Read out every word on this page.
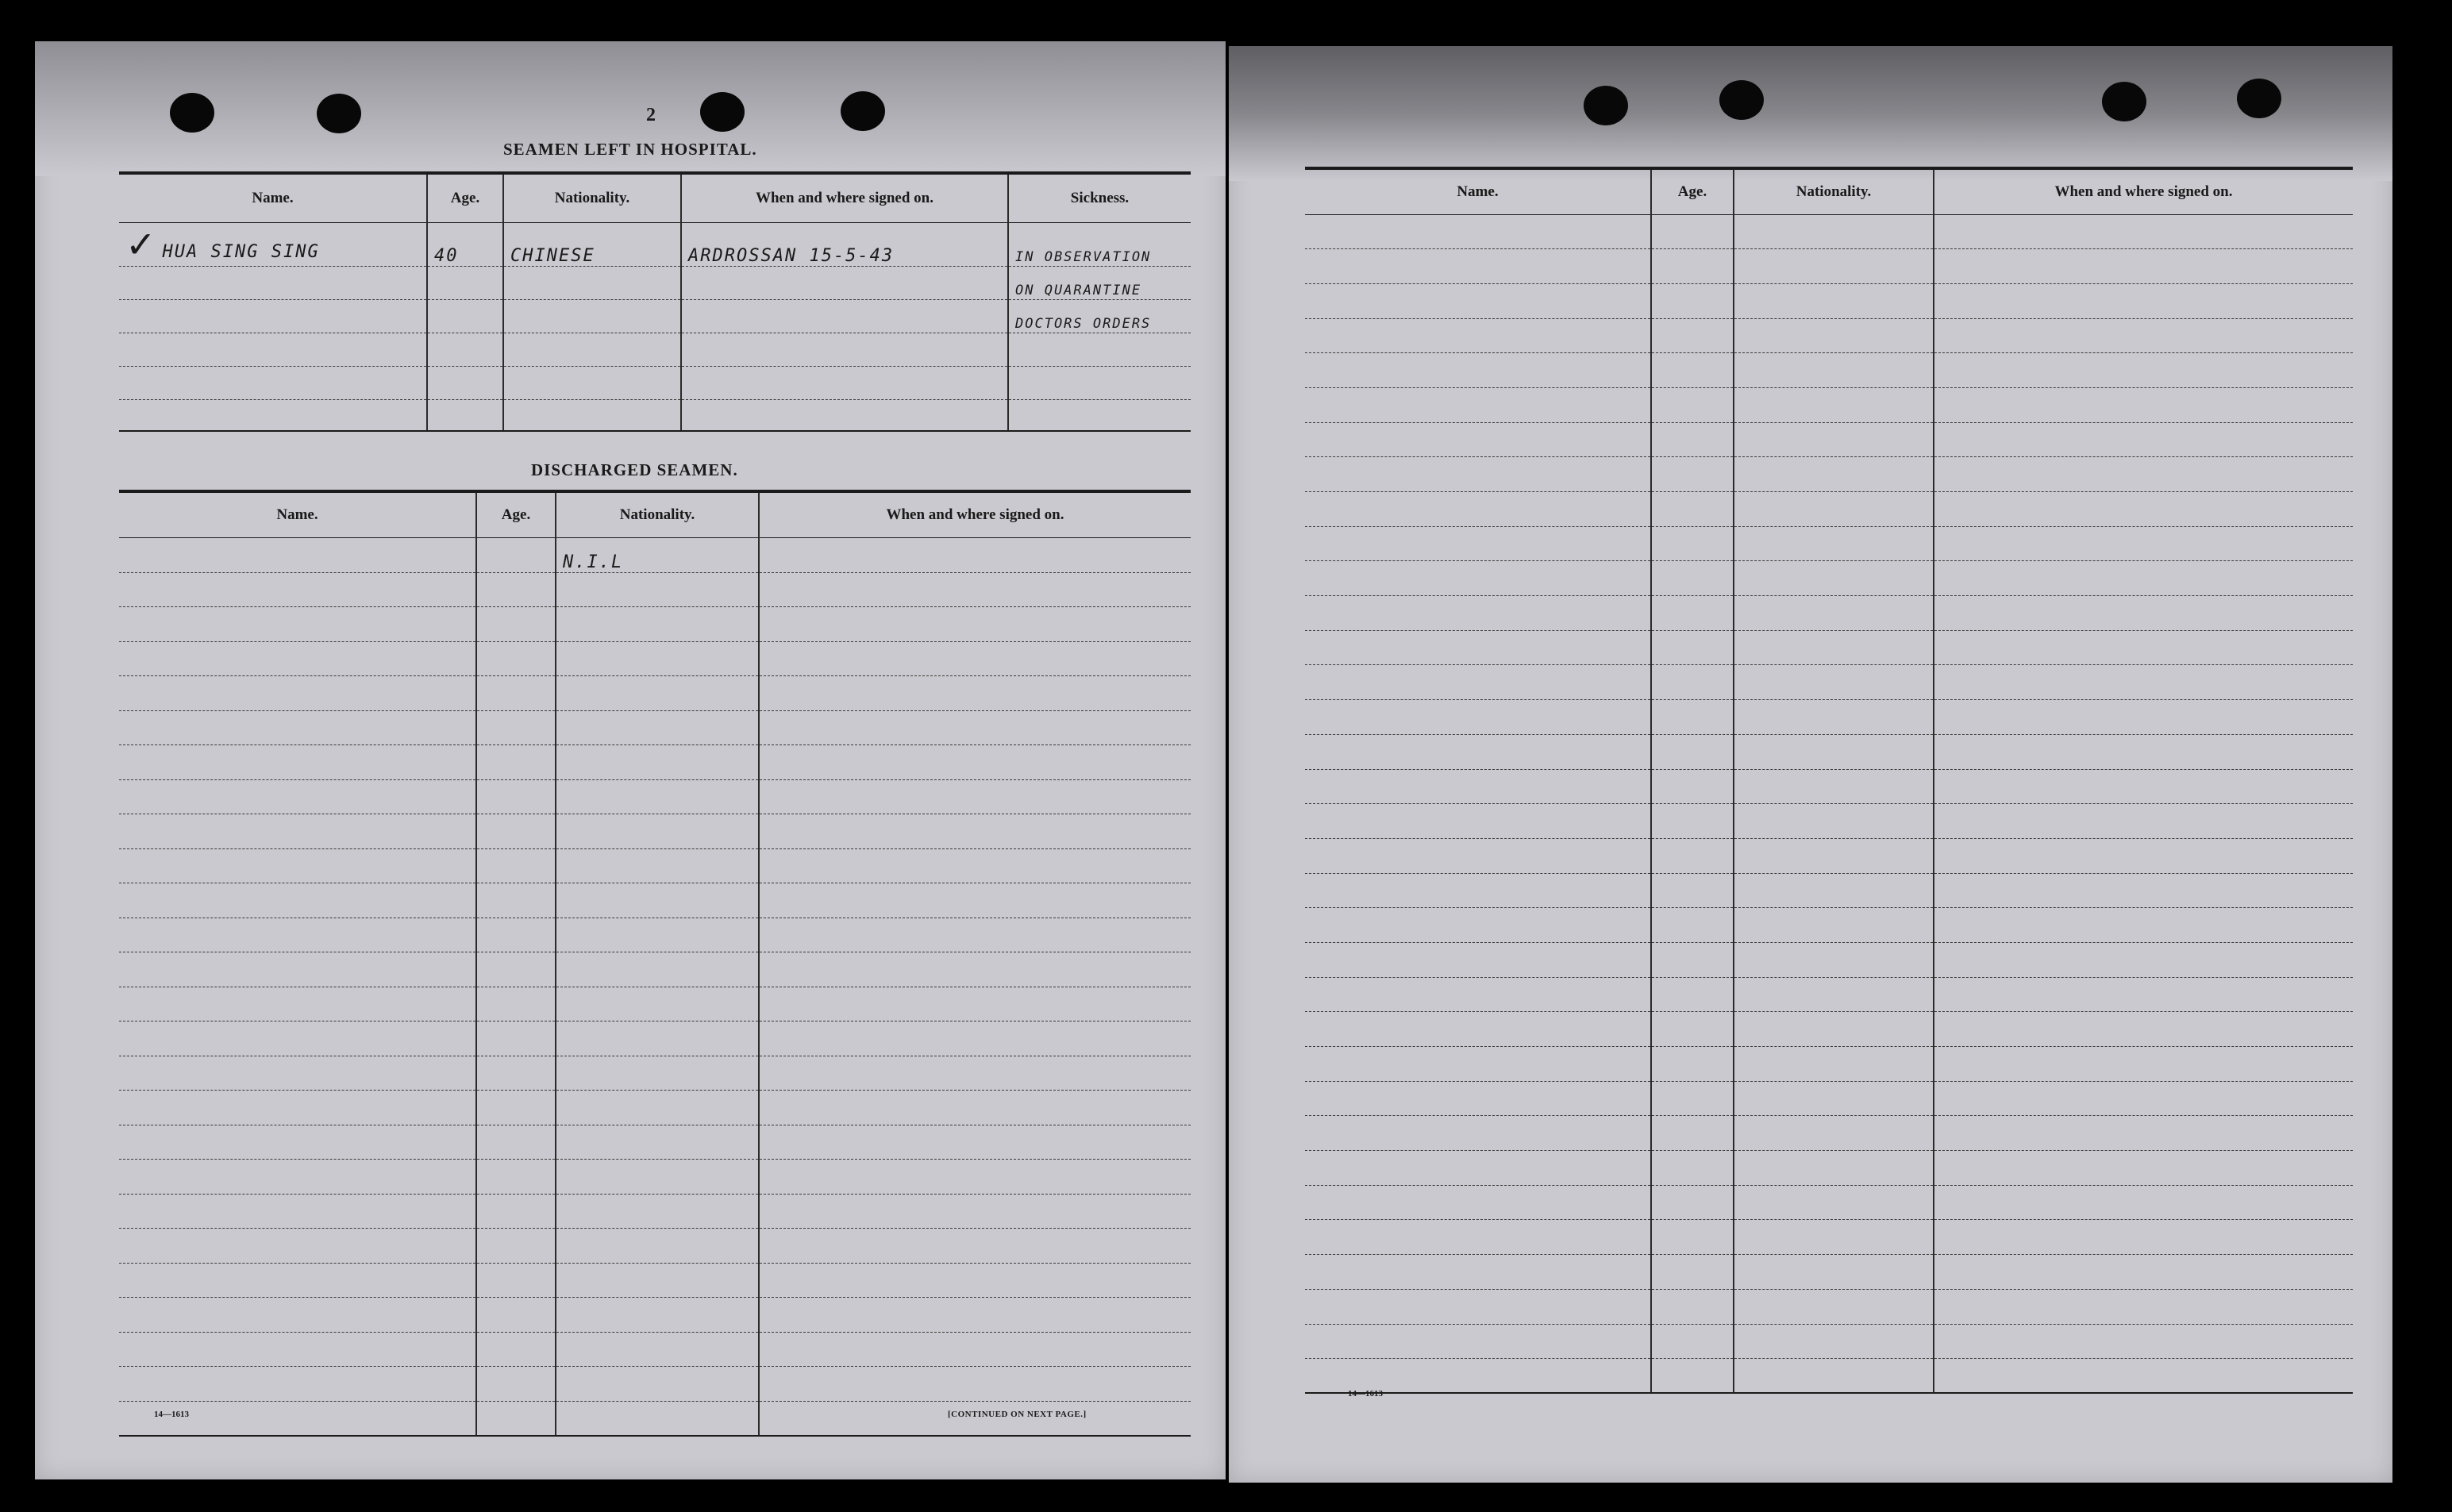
2
SEAMEN LEFT IN HOSPITAL.
Name.	Age.	Nationality.	When and where signed on.	Sickness.
✓ HUA SING SING	40	CHINESE	ARDROSSAN 15-5-43	IN OBSERVATION
				ON QUARANTINE
				DOCTORS ORDERS

DISCHARGED SEAMEN.
Name.	Age.	Nationality.	When and where signed on.
		N.I.L	

14—1613	[CONTINUED ON NEXT PAGE.]
Name.	Age.	Nationality.	When and where signed on.

14—1613
